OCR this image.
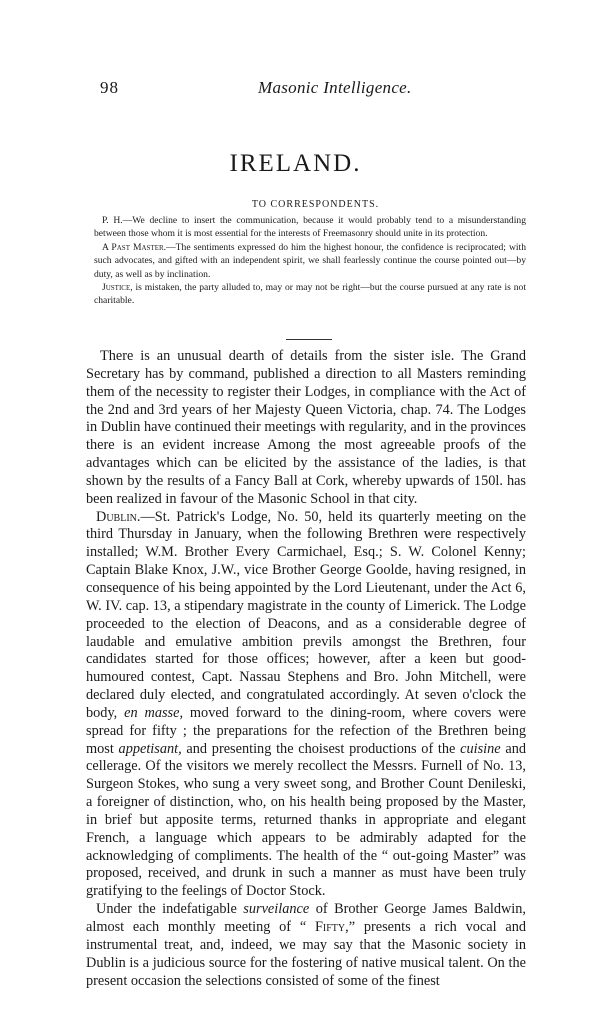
98	Masonic Intelligence.
IRELAND.
TO CORRESPONDENTS.

P. H.—We decline to insert the communication, because it would probably tend to a misunderstanding between those whom it is most essential for the interests of Freemasonry should unite in its protection.

A Past Master.—The sentiments expressed do him the highest honour, the confidence is reciprocated; with such advocates, and gifted with an independent spirit, we shall fearlessly continue the course pointed out—by duty, as well as by inclination.

Justice, is mistaken, the party alluded to, may or may not be right—but the course pursued at any rate is not charitable.

There is an unusual dearth of details from the sister isle. The Grand Secretary has by command, published a direction to all Masters reminding them of the necessity to register their Lodges, in compliance with the Act of the 2nd and 3rd years of her Majesty Queen Victoria, chap. 74. The Lodges in Dublin have continued their meetings with regularity, and in the provinces there is an evident increase Among the most agreeable proofs of the advantages which can be elicited by the assistance of the ladies, is that shown by the results of a Fancy Ball at Cork, whereby upwards of 150l. has been realized in favour of the Masonic School in that city.

Dublin.—St. Patrick's Lodge, No. 50, held its quarterly meeting on the third Thursday in January, when the following Brethren were respectively installed; W.M. Brother Every Carmichael, Esq.; S. W. Colonel Kenny; Captain Blake Knox, J.W., vice Brother George Goolde, having resigned, in consequence of his being appointed by the Lord Lieutenant, under the Act 6, W. IV. cap. 13, a stipendary magistrate in the county of Limerick. The Lodge proceeded to the election of Deacons, and as a considerable degree of laudable and emulative ambition previls amongst the Brethren, four candidates started for those offices; however, after a keen but good-humoured contest, Capt. Nassau Stephens and Bro. John Mitchell, were declared duly elected, and congratulated accordingly. At seven o'clock the body, en masse, moved forward to the dining-room, where covers were spread for fifty ; the preparations for the refection of the Brethren being most appetisant, and presenting the choisest productions of the cuisine and cellerage. Of the visitors we merely recollect the Messrs. Furnell of No. 13, Surgeon Stokes, who sung a very sweet song, and Brother Count Denileski, a foreigner of distinction, who, on his health being proposed by the Master, in brief but apposite terms, returned thanks in appropriate and elegant French, a language which appears to be admirably adapted for the acknowledging of compliments. The health of the “ out-going Master” was proposed, received, and drunk in such a manner as must have been truly gratifying to the feelings of Doctor Stock.

Under the indefatigable surveilance of Brother George James Baldwin, almost each monthly meeting of “ Fifty,” presents a rich vocal and instrumental treat, and, indeed, we may say that the Masonic society in Dublin is a judicious source for the fostering of native musical talent. On the present occasion the selections consisted of some of the finest
